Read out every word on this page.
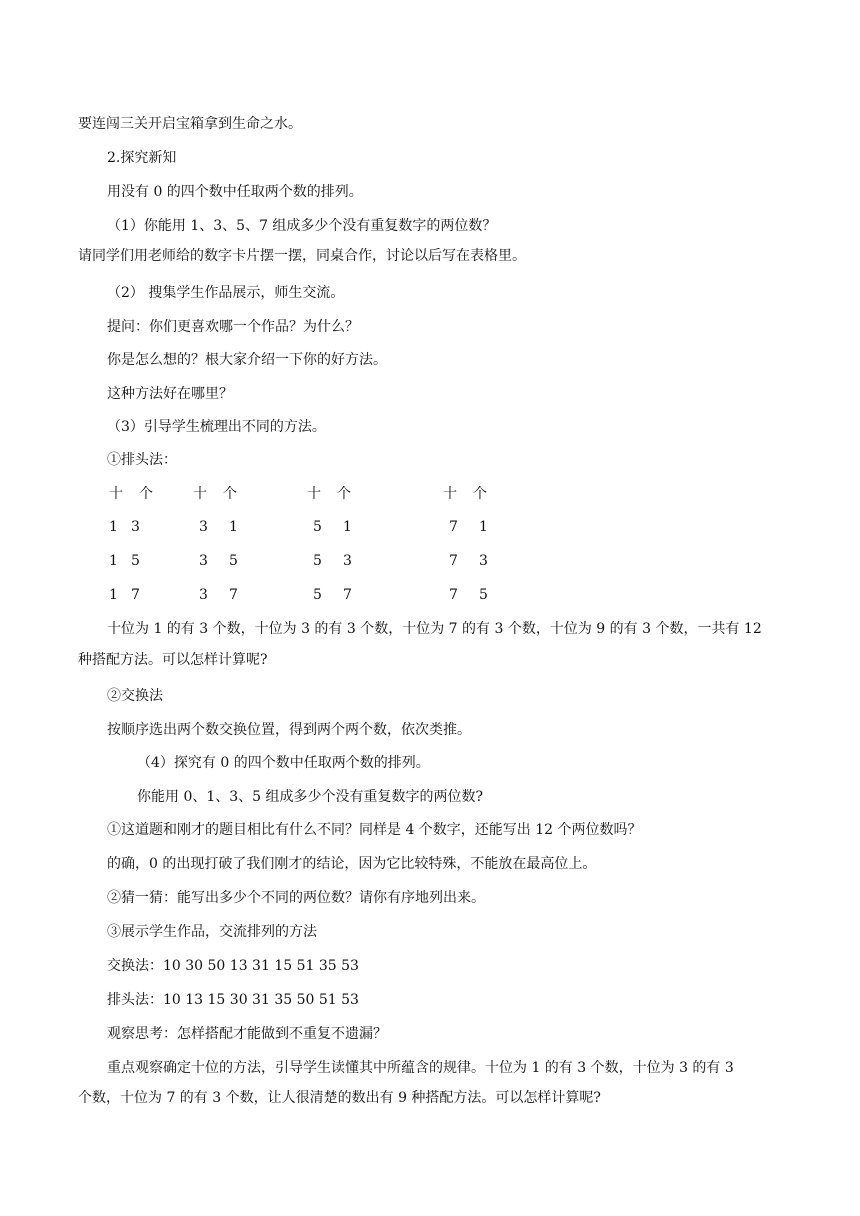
要连闯三关开启宝箱拿到生命之水。
2.探究新知
用没有 0 的四个数中任取两个数的排列。
（1）你能用 1、3、5、7 组成多少个没有重复数字的两位数？
请同学们用老师给的数字卡片摆一摆，同桌合作，讨论以后写在表格里。
（2） 搜集学生作品展示，师生交流。
提问：你们更喜欢哪一个作品？为什么？
你是怎么想的？根大家介绍一下你的好方法。
这种方法好在哪里？
（3）引导学生梳理出不同的方法。
①排头法：
十 个	十 个	十 个	十 个
1 3	3 1	5 1	7 1
1 5	3 5	5 3	7 3
1 7	3 7	5 7	7 5
十位为 1 的有 3 个数，十位为 3 的有 3 个数，十位为 7 的有 3 个数，十位为 9 的有 3 个数，一共有 12
种搭配方法。可以怎样计算呢?
②交换法
按顺序选出两个数交换位置，得到两个两个数，依次类推。
（4）探究有 0 的四个数中任取两个数的排列。
你能用 0、1、3、5 组成多少个没有重复数字的两位数?
①这道题和刚才的题目相比有什么不同？同样是 4 个数字，还能写出 12 个两位数吗？
的确，0 的出现打破了我们刚才的结论，因为它比较特殊，不能放在最高位上。
②猜一猜：能写出多少个不同的两位数？请你有序地列出来。
③展示学生作品，交流排列的方法
交换法：10 30 50 13 31 15 51 35 53
排头法：10 13 15 30 31 35 50 51 53
观察思考：怎样搭配才能做到不重复不遗漏？
重点观察确定十位的方法，引导学生读懂其中所蕴含的规律。十位为 1 的有 3 个数，十位为 3 的有 3
个数，十位为 7 的有 3 个数，让人很清楚的数出有 9 种搭配方法。可以怎样计算呢?
